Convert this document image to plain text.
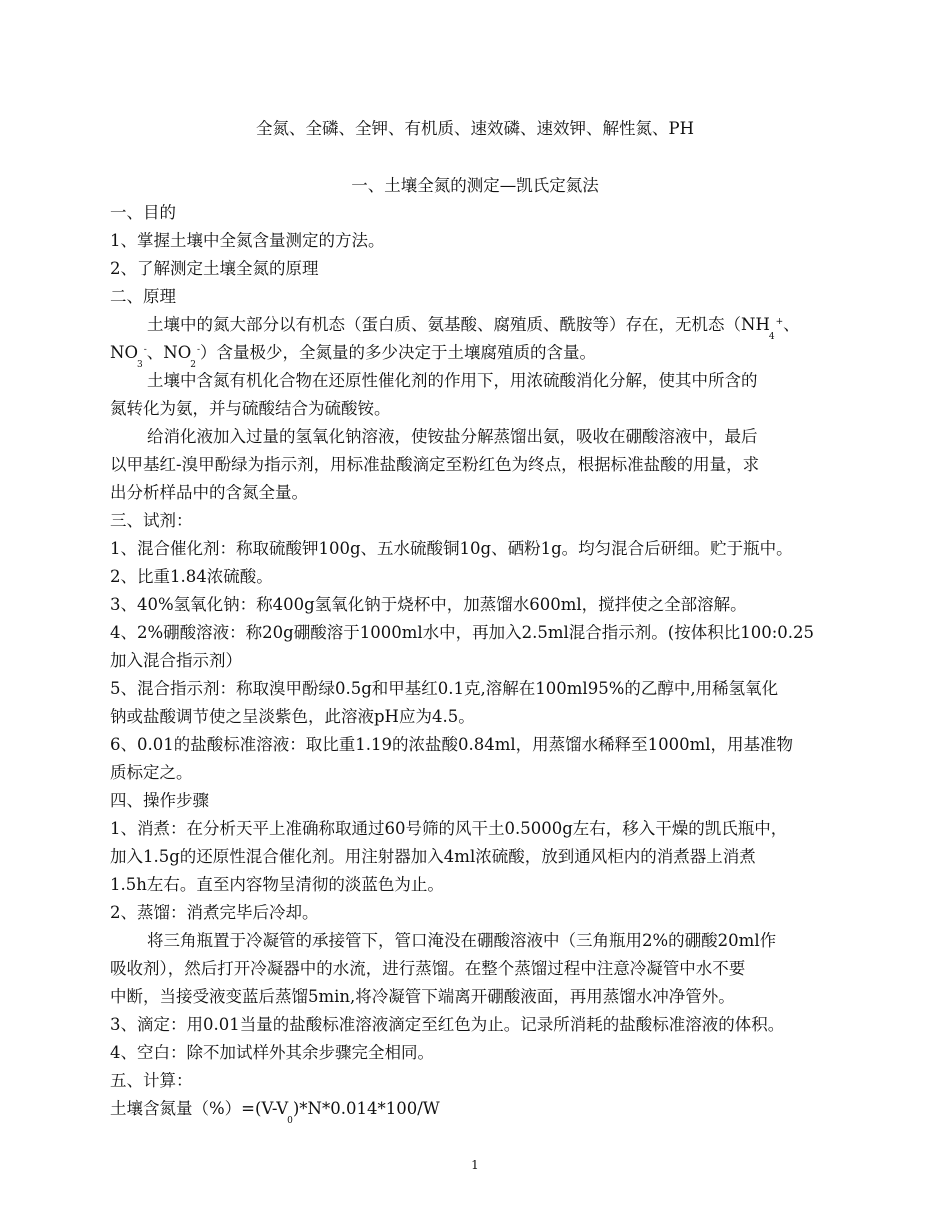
全氮、全磷、全钾、有机质、速效磷、速效钾、解性氮、PH
一、土壤全氮的测定—凯氏定氮法
一、目的
1、掌握土壤中全氮含量测定的方法。
2、了解测定土壤全氮的原理
二、原理
土壤中的氮大部分以有机态（蛋白质、氨基酸、腐殖质、酰胺等）存在，无机态（$NH_4^+$、
$NO_3^-$、$NO_2^-$）含量极少，全氮量的多少决定于土壤腐殖质的含量。
土壤中含氮有机化合物在还原性催化剂的作用下，用浓硫酸消化分解，使其中所含的
氮转化为氨，并与硫酸结合为硫酸铵。
给消化液加入过量的氢氧化钠溶液，使铵盐分解蒸馏出氨，吸收在硼酸溶液中，最后
以甲基红-溴甲酚绿为指示剂，用标准盐酸滴定至粉红色为终点，根据标准盐酸的用量，求
出分析样品中的含氮全量。
三、试剂：
1、混合催化剂：称取硫酸钾100g、五水硫酸铜10g、硒粉1g。均匀混合后研细。贮于瓶中。
2、比重1.84浓硫酸。
3、40%氢氧化钠：称400g氢氧化钠于烧杯中，加蒸馏水600ml，搅拌使之全部溶解。
4、2%硼酸溶液：称20g硼酸溶于1000ml水中，再加入2.5ml混合指示剂。(按体积比100:0.25
加入混合指示剂）
5、混合指示剂：称取溴甲酚绿0.5g和甲基红0.1克,溶解在100ml95%的乙醇中,用稀氢氧化
钠或盐酸调节使之呈淡紫色，此溶液pH应为4.5。
6、0.01的盐酸标准溶液：取比重1.19的浓盐酸0.84ml，用蒸馏水稀释至1000ml，用基准物
质标定之。
四、操作步骤
1、消煮：在分析天平上准确称取通过60号筛的风干土0.5000g左右，移入干燥的凯氏瓶中，
加入1.5g的还原性混合催化剂。用注射器加入4ml浓硫酸，放到通风柜内的消煮器上消煮
1.5h左右。直至内容物呈清彻的淡蓝色为止。
2、蒸馏：消煮完毕后冷却。
将三角瓶置于冷凝管的承接管下，管口淹没在硼酸溶液中（三角瓶用2%的硼酸20ml作
吸收剂），然后打开冷凝器中的水流，进行蒸馏。在整个蒸馏过程中注意冷凝管中水不要
中断，当接受液变蓝后蒸馏5min,将冷凝管下端离开硼酸液面，再用蒸馏水冲净管外。
3、滴定：用0.01当量的盐酸标准溶液滴定至红色为止。记录所消耗的盐酸标准溶液的体积。
4、空白：除不加试样外其余步骤完全相同。
五、计算：
土壤含氮量$(\%)=(V-V_0)*N*0.014*100/W$
1
